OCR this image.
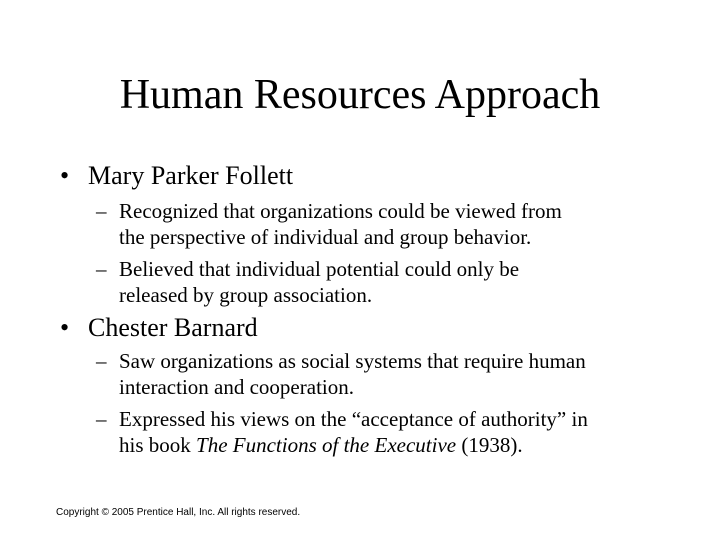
Human Resources Approach
• Mary Parker Follett
– Recognized that organizations could be viewed from
the perspective of individual and group behavior.
– Believed that individual potential could only be
released by group association.
• Chester Barnard
– Saw organizations as social systems that require human
interaction and cooperation.
– Expressed his views on the “acceptance of authority” in
his book The Functions of the Executive (1938).
Copyright © 2005 Prentice Hall, Inc. All rights reserved.
